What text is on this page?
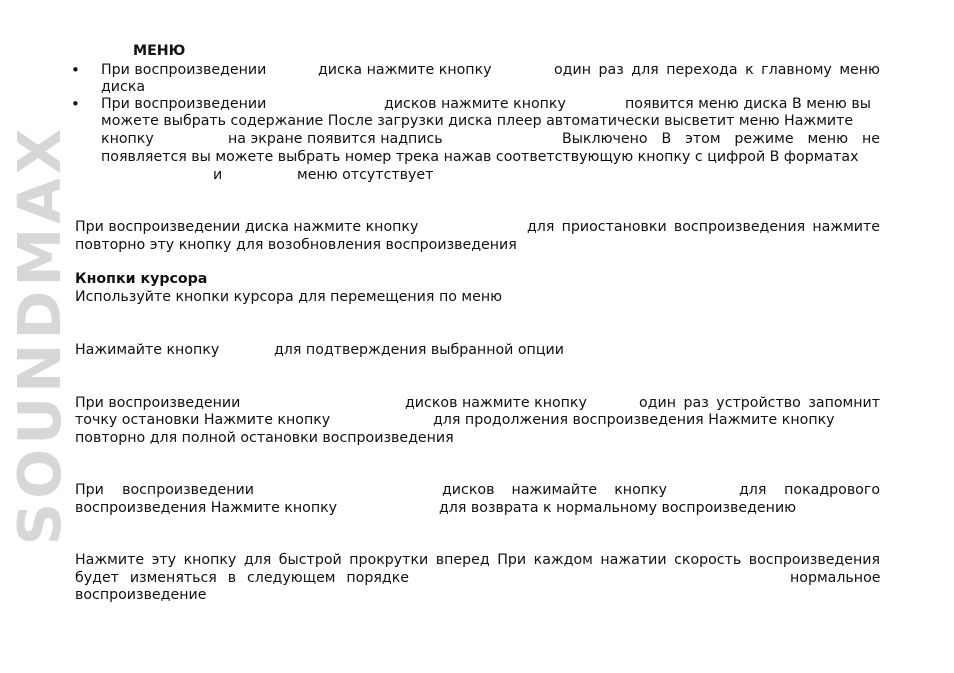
SOUNDMAX
МЕНЮ
• При воспроизведении	диска нажмите кнопку	один раз для перехода к главному меню
диска
• При воспроизведении	дисков нажмите кнопку	появится меню диска В меню вы
можете выбрать содержание После загрузки диска плеер автоматически высветит меню Нажмите
кнопку	на экране появится надпись	Выключено В этом режиме меню не
появляется вы можете выбрать номер трека нажав соответствующую кнопку с цифрой В форматах
и	меню отсутствует
При воспроизведении диска нажмите кнопку	для приостановки воспроизведения нажмите
повторно эту кнопку для возобновления воспроизведения
Кнопки курсора
Используйте кнопки курсора для перемещения по меню
Нажимайте кнопку	для подтверждения выбранной опции
При воспроизведении	дисков нажмите кнопку	один раз устройство запомнит
точку остановки Нажмите кнопку	для продолжения воспроизведения Нажмите кнопку
повторно для полной остановки воспроизведения
При воспроизведении	дисков нажимайте кнопку	для покадрового
воспроизведения Нажмите кнопку	для возврата к нормальному воспроизведению
Нажмите эту кнопку для быстрой прокрутки вперед При каждом нажатии скорость воспроизведения
будет изменяться в следующем порядке	нормальное
воспроизведение
